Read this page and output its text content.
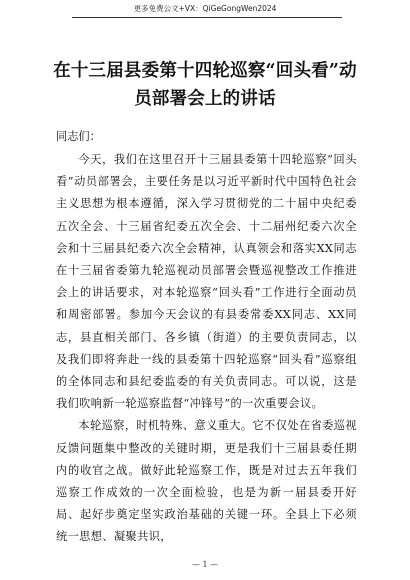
更多免费公文+VX：QiGeGongWen2024
在十三届县委第十四轮巡察“回头看”动
员部署会上的讲话
同志们：

今天，我们在这里召开十三届县委第十四轮巡察“回头看”动员部署会，主要任务是以习近平新时代中国特色社会主义思想为根本遵循，深入学习贯彻党的二十届中央纪委五次全会、十三届省纪委五次全会、十二届州纪委六次全会和十三届县纪委六次全会精神，认真领会和落实XX同志在十三届省委第九轮巡视动员部署会暨巡视整改工作推进会上的讲话要求，对本轮巡察“回头看”工作进行全面动员和周密部署。参加今天会议的有县委常委XX同志、XX同志，县直相关部门、各乡镇（街道）的主要负责同志，以及我们即将奔赴一线的县委第十四轮巡察“回头看”巡察组的全体同志和县纪委监委的有关负责同志。可以说，这是我们吹响新一轮巡察监督“冲锋号”的一次重要会议。

本轮巡察，时机特殊、意义重大。它不仅处在省委巡视反馈问题集中整改的关键时期，更是我们十三届县委任期内的收官之战。做好此轮巡察工作，既是对过去五年我们巡察工作成效的一次全面检验，也是为新一届县委开好局、起好步奠定坚实政治基础的关键一环。全县上下必须统一思想、凝聚共识，

— 1 —
